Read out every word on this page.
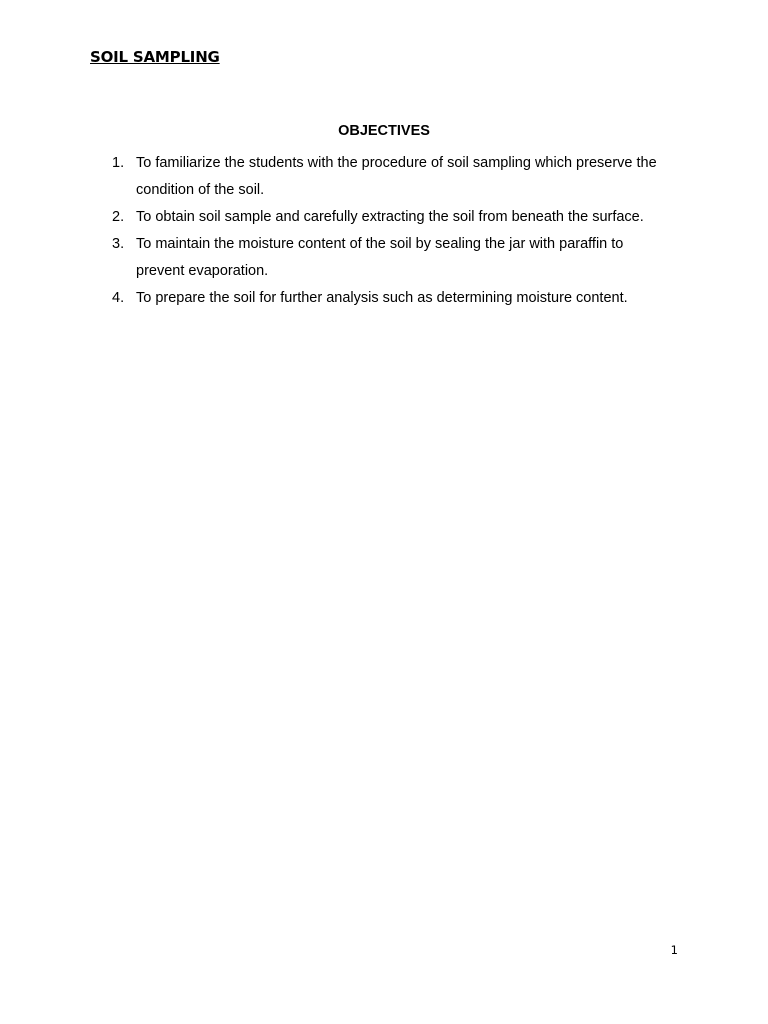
SOIL SAMPLING
OBJECTIVES
1. To familiarize the students with the procedure of soil sampling which preserve the condition of the soil.
2. To obtain soil sample and carefully extracting the soil from beneath the surface.
3. To maintain the moisture content of the soil by sealing the jar with paraffin to prevent evaporation.
4. To prepare the soil for further analysis such as determining moisture content.
1
